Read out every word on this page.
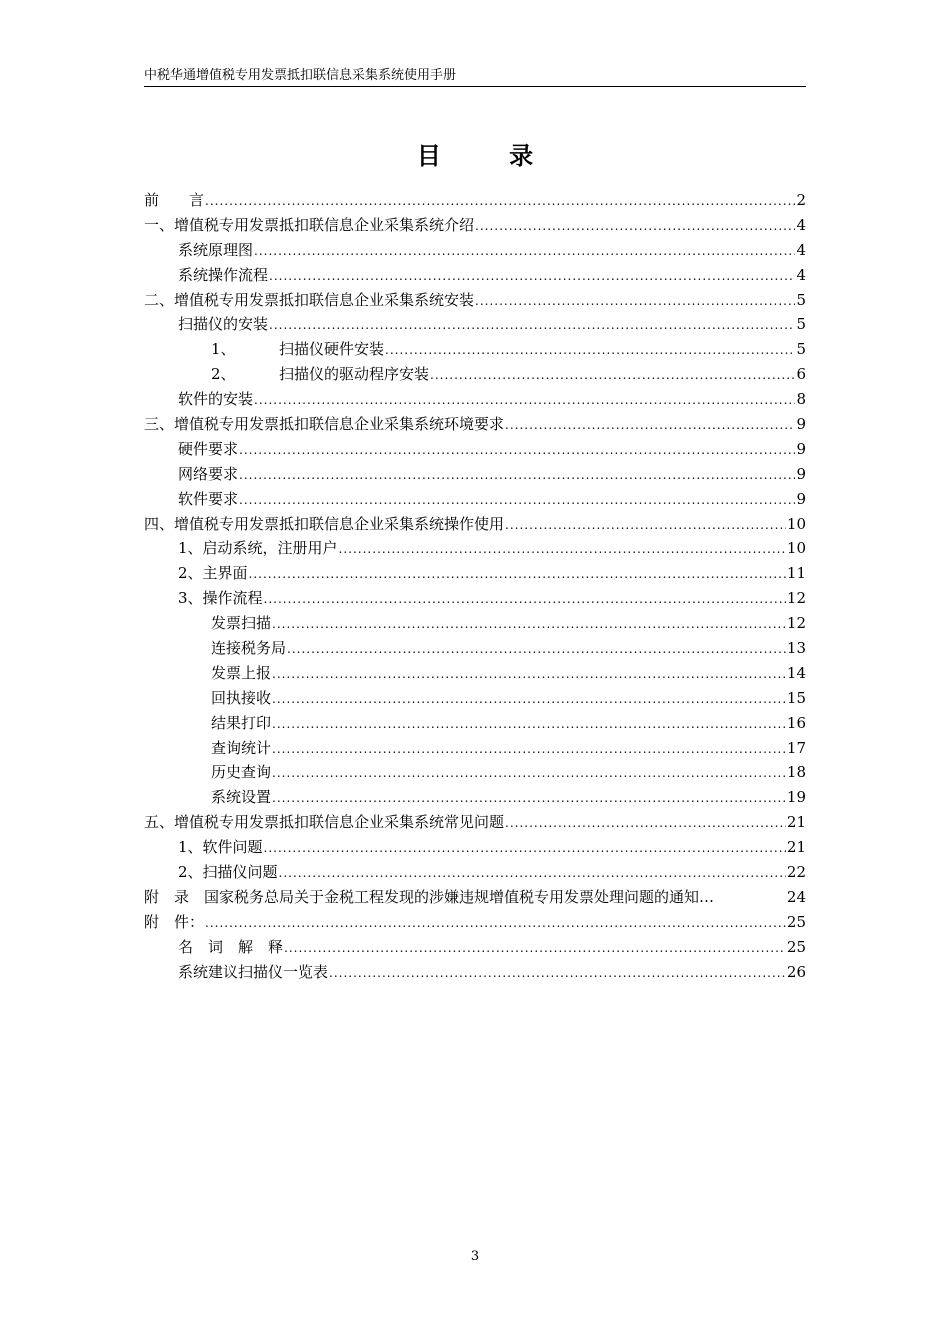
中税华通增值税专用发票抵扣联信息采集系统使用手册
目 录
前　　言 .....	2
一、增值税专用发票抵扣联信息企业采集系统介绍 .....	4
系统原理图 .....	4
系统操作流程 .....	4
二、增值税专用发票抵扣联信息企业采集系统安装 .....	5
扫描仪的安装 .....	5
1、	扫描仪硬件安装 .....	5
2、	扫描仪的驱动程序安装 .....	6
软件的安装 .....	8
三、增值税专用发票抵扣联信息企业采集系统环境要求 .....	9
硬件要求 .....	9
网络要求 .....	9
软件要求 .....	9
四、增值税专用发票抵扣联信息企业采集系统操作使用 .....	10
1、启动系统，注册用户 .....	10
2、主界面 .....	11
3、操作流程 .....	12
发票扫描 .....	12
连接税务局 .....	13
发票上报 .....	14
回执接收 .....	15
结果打印 .....	16
查询统计 .....	17
历史查询 .....	18
系统设置 .....	19
五、增值税专用发票抵扣联信息企业采集系统常见问题 .....	21
1、软件问题 .....	21
2、扫描仪问题 .....	22
附　录　国家税务总局关于金税工程发现的涉嫌违规增值税专用发票处理问题的通知…	24
附　件： .....	25
名　词　解　释 .....	25
系统建议扫描仪一览表 .....	26
3
